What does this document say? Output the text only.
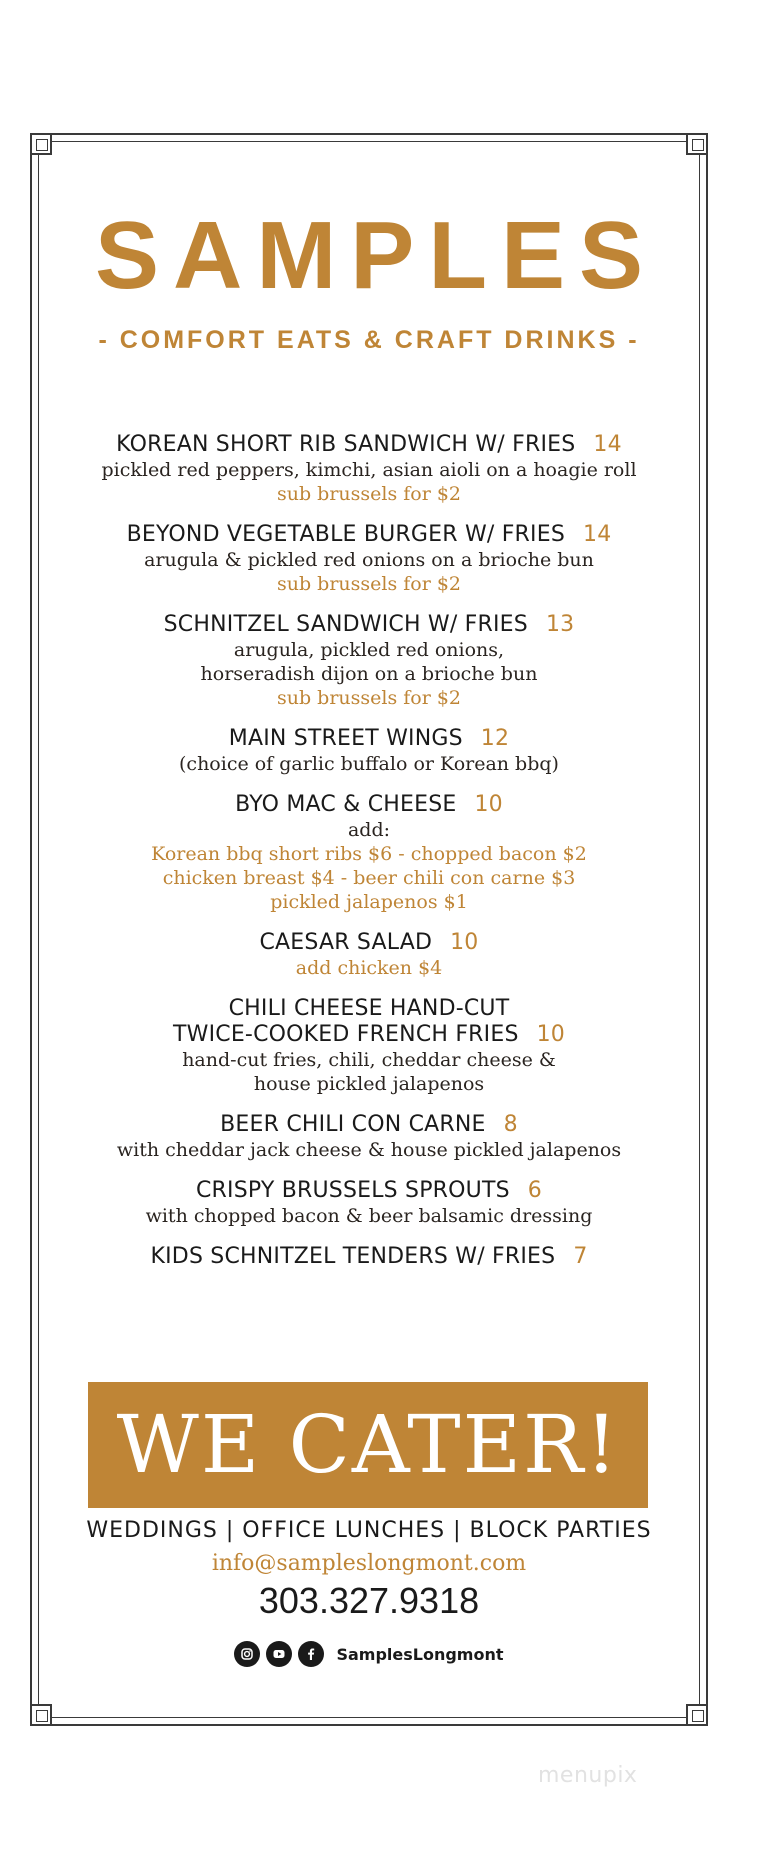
SAMPLES
- COMFORT EATS & CRAFT DRINKS -
KOREAN SHORT RIB SANDWICH W/ FRIES 14
pickled red peppers, kimchi, asian aioli on a hoagie roll
sub brussels for $2
BEYOND VEGETABLE BURGER W/ FRIES 14
arugula & pickled red onions on a brioche bun
sub brussels for $2
SCHNITZEL SANDWICH W/ FRIES 13
arugula, pickled red onions,
horseradish dijon on a brioche bun
sub brussels for $2
MAIN STREET WINGS 12
(choice of garlic buffalo or Korean bbq)
BYO MAC & CHEESE 10
add:
Korean bbq short ribs $6 - chopped bacon $2
chicken breast $4 - beer chili con carne $3
pickled jalapenos $1
CAESAR SALAD 10
add chicken $4
CHILI CHEESE HAND-CUT
TWICE-COOKED FRENCH FRIES 10
hand-cut fries, chili, cheddar cheese &
house pickled jalapenos
BEER CHILI CON CARNE 8
with cheddar jack cheese & house pickled jalapenos
CRISPY BRUSSELS SPROUTS 6
with chopped bacon & beer balsamic dressing
KIDS SCHNITZEL TENDERS W/ FRIES 7
WE CATER!
WEDDINGS | OFFICE LUNCHES | BLOCK PARTIES
info@sampleslongmont.com
303.327.9318
SamplesLongmont
menupix
